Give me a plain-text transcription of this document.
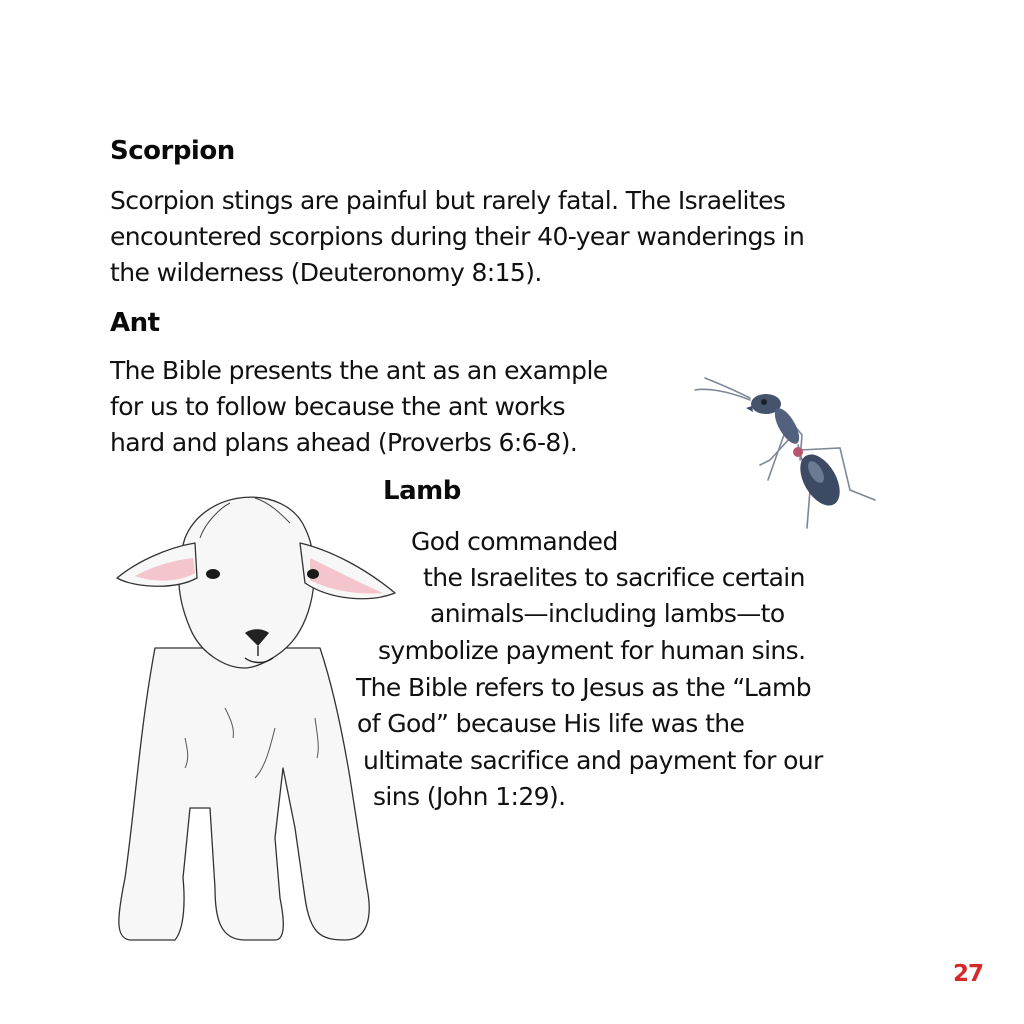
Scorpion

Scorpion stings are painful but rarely fatal. The Israelites

encountered scorpions during their 40-year wanderings in

the wilderness (Deuteronomy 8:15).

Ant

The Bible presents the ant as an example

for us to follow because the ant works

hard and plans ahead (Proverbs 6:6-8).

Lamb

God commanded

the Israelites to sacrifice certain

animals—including lambs—to

symbolize payment for human sins.

The Bible refers to Jesus as the “Lamb

of God” because His life was the

ultimate sacrifice and payment for our

sins (John 1:29).

27
